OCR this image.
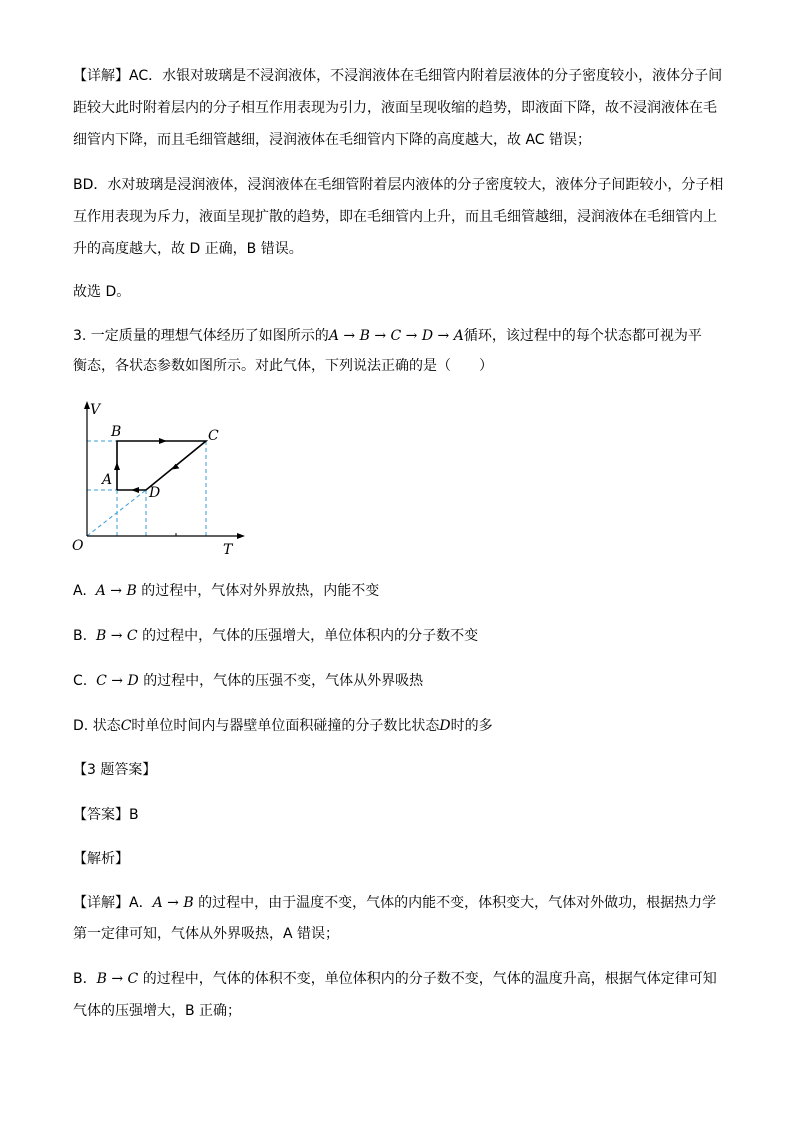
【详解】AC．水银对玻璃是不浸润液体，不浸润液体在毛细管内附着层液体的分子密度较小，液体分子间
距较大此时附着层内的分子相互作用表现为引力，液面呈现收缩的趋势，即液面下降，故不浸润液体在毛
细管内下降，而且毛细管越细，浸润液体在毛细管内下降的高度越大，故 AC 错误；
BD．水对玻璃是浸润液体，浸润液体在毛细管附着层内液体的分子密度较大，液体分子间距较小，分子相
互作用表现为斥力，液面呈现扩散的趋势，即在毛细管内上升，而且毛细管越细，浸润液体在毛细管内上
升的高度越大，故 D 正确，B 错误。
故选 D。
3. 一定质量的理想气体经历了如图所示的A → B → C → D → A循环，该过程中的每个状态都可视为平
衡态，各状态参数如图所示。对此气体，下列说法正确的是（　　）
V
T
O
B	C
A
D
A. A → B 的过程中，气体对外界放热，内能不变
B. B → C 的过程中，气体的压强增大，单位体积内的分子数不变
C. C → D 的过程中，气体的压强不变，气体从外界吸热
D. 状态C时单位时间内与器壁单位面积碰撞的分子数比状态D时的多
【3 题答案】
【答案】B
【解析】
【详解】A．A → B 的过程中，由于温度不变，气体的内能不变，体积变大，气体对外做功，根据热力学
第一定律可知，气体从外界吸热，A 错误；
B．B → C 的过程中，气体的体积不变，单位体积内的分子数不变，气体的温度升高，根据气体定律可知
气体的压强增大，B 正确；
